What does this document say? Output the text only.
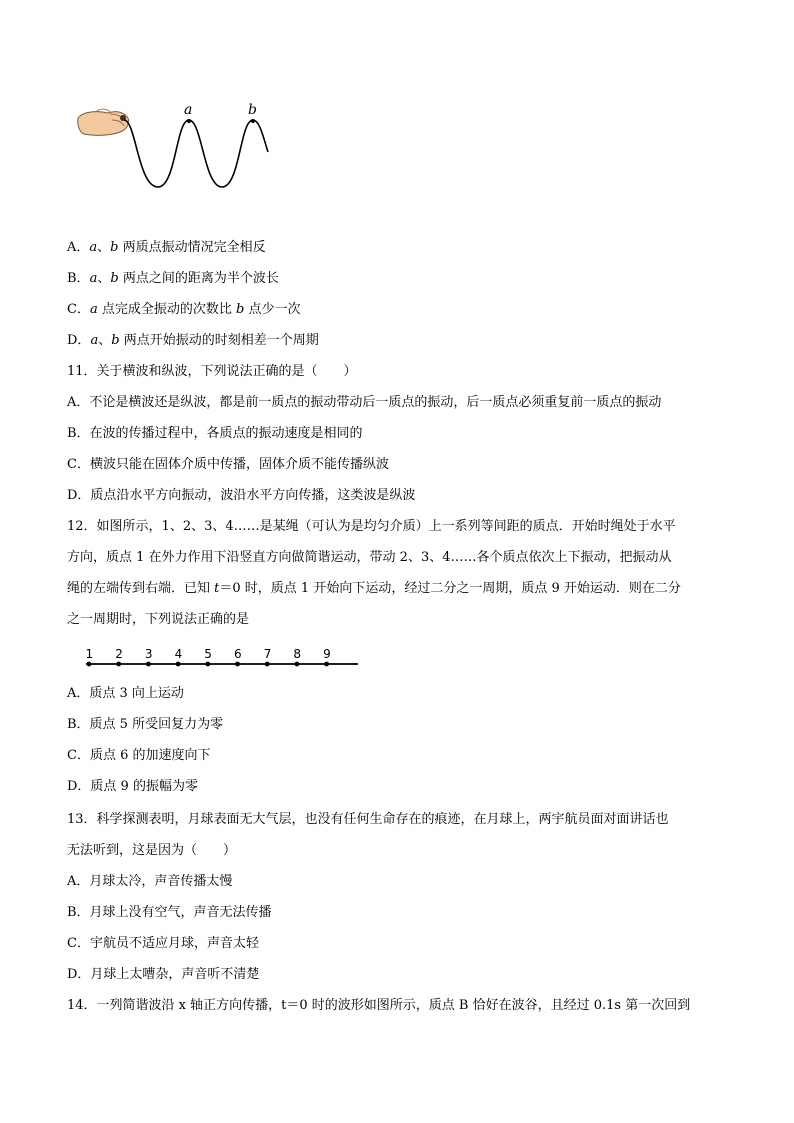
a	b
A．a、b 两质点振动情况完全相反
B．a、b 两点之间的距离为半个波长
C．a 点完成全振动的次数比 b 点少一次
D．a、b 两点开始振动的时刻相差一个周期
11．关于横波和纵波，下列说法正确的是（　　）
A．不论是横波还是纵波，都是前一质点的振动带动后一质点的振动，后一质点必须重复前一质点的振动
B．在波的传播过程中，各质点的振动速度是相同的
C．横波只能在固体介质中传播，固体介质不能传播纵波
D．质点沿水平方向振动，波沿水平方向传播，这类波是纵波
12．如图所示，1、2、3、4……是某绳（可认为是均匀介质）上一系列等间距的质点．开始时绳处于水平
方向，质点 1 在外力作用下沿竖直方向做简谐运动，带动 2、3、4……各个质点依次上下振动，把振动从
绳的左端传到右端．已知 t＝0 时，质点 1 开始向下运动，经过二分之一周期，质点 9 开始运动．则在二分
之一周期时，下列说法正确的是
1 2 3 4 5 6 7 8 9
A．质点 3 向上运动
B．质点 5 所受回复力为零
C．质点 6 的加速度向下
D．质点 9 的振幅为零
13．科学探测表明，月球表面无大气层，也没有任何生命存在的痕迹，在月球上，两宇航员面对面讲话也
无法听到，这是因为（　　）
A．月球太冷，声音传播太慢
B．月球上没有空气，声音无法传播
C．宇航员不适应月球，声音太轻
D．月球上太嘈杂，声音听不清楚
14．一列简谐波沿 x 轴正方向传播，t＝0 时的波形如图所示，质点 B 恰好在波谷，且经过 0.1s 第一次回到
